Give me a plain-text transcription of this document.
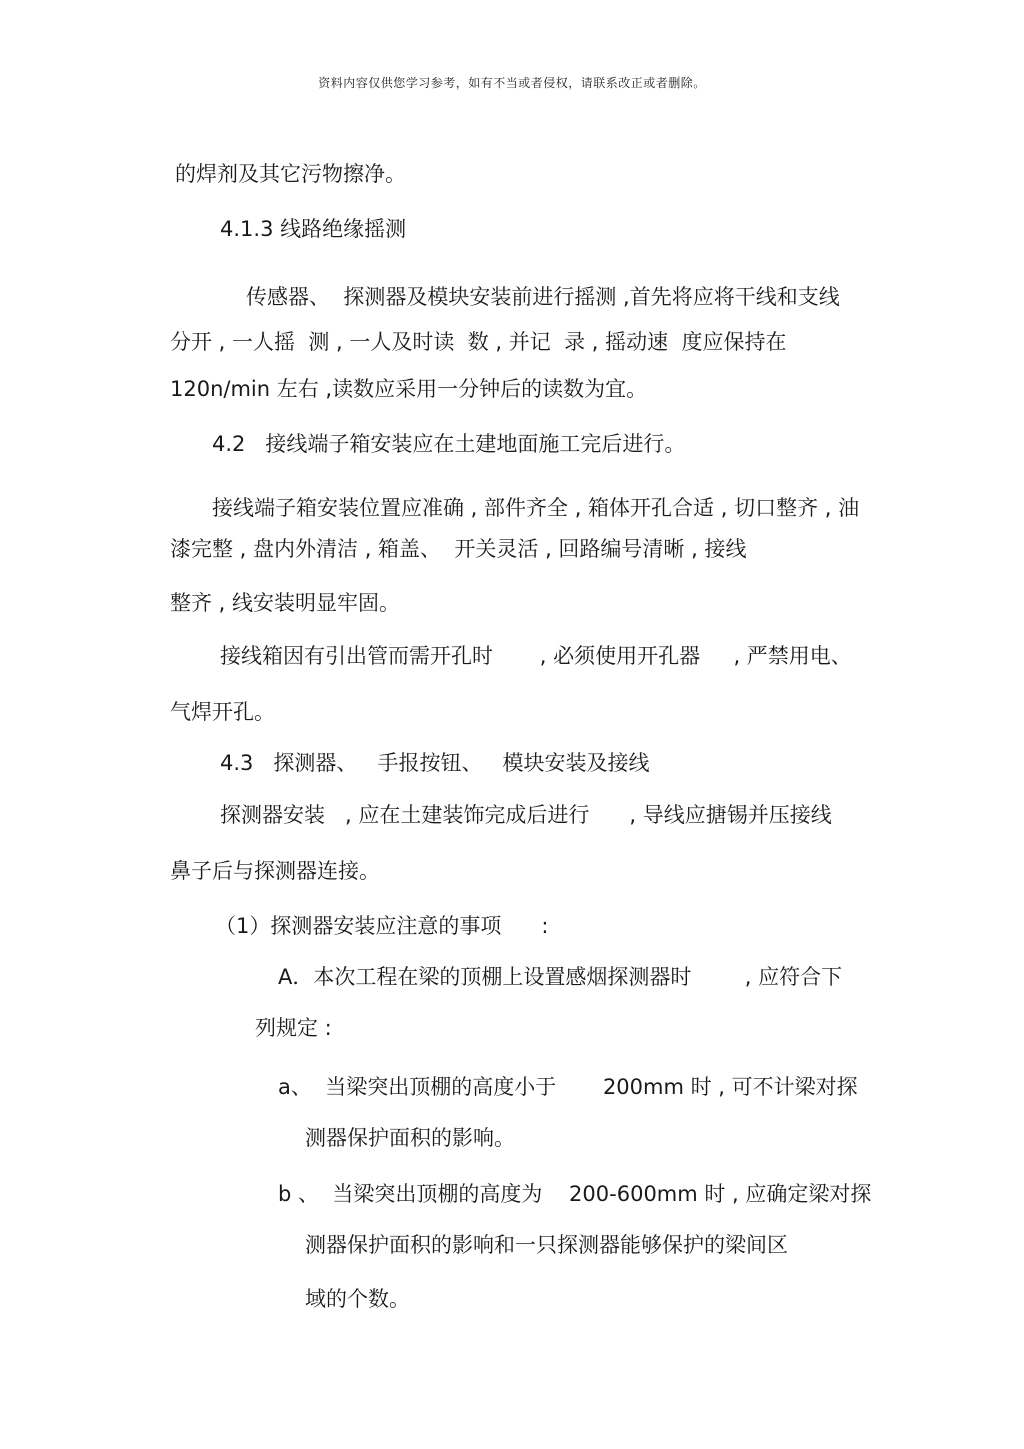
资料内容仅供您学习参考，如有不当或者侵权，请联系改正或者删除。
的焊剂及其它污物擦净。
4.1.3 线路绝缘摇测
传感器、  探测器及模块安装前进行摇测 ,首先将应将干线和支线
分开 , 一人摇  测 , 一人及时读  数 , 并记  录 , 摇动速  度应保持在
120n/min 左右 ,读数应采用一分钟后的读数为宜。
4.2   接线端子箱安装应在土建地面施工完后进行。
接线端子箱安装位置应准确 , 部件齐全 , 箱体开孔合适 , 切口整齐 , 油
漆完整 , 盘内外清洁 , 箱盖、  开关灵活 , 回路编号清晰 , 接线
整齐 , 线安装明显牢固。
接线箱因有引出管而需开孔时       , 必须使用开孔器     , 严禁用电、
气焊开孔。
4.3   探测器、   手报按钮、   模块安装及接线
探测器安装   , 应在土建装饰完成后进行      , 导线应搪锡并压接线
鼻子后与探测器连接。
（1）探测器安装应注意的事项      :
A．本次工程在梁的顶棚上设置感烟探测器时        , 应符合下
列规定 :
a、  当梁突出顶棚的高度小于       200mm 时 , 可不计梁对探
测器保护面积的影响。
b 、  当梁突出顶棚的高度为    200-600mm 时 , 应确定梁对探
测器保护面积的影响和一只探测器能够保护的梁间区
域的个数。
